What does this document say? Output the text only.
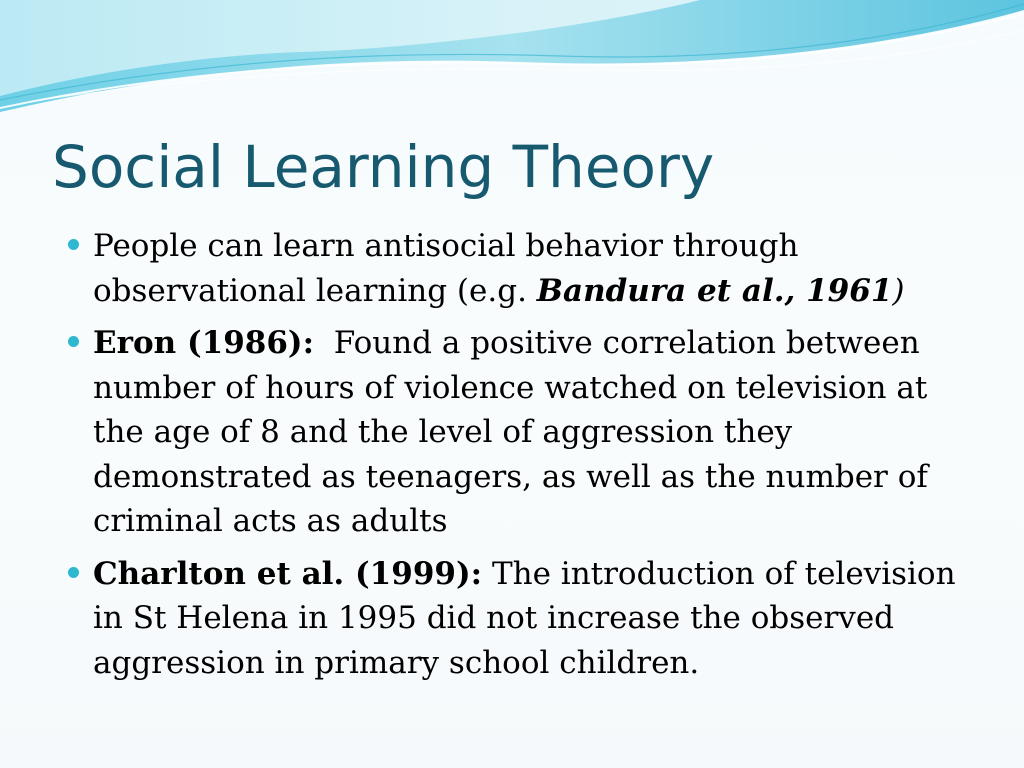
Social Learning Theory
People can learn antisocial behavior through observational learning (e.g. Bandura et al., 1961)
Eron (1986): Found a positive correlation between number of hours of violence watched on television at the age of 8 and the level of aggression they demonstrated as teenagers, as well as the number of criminal acts as adults
Charlton et al. (1999): The introduction of television in St Helena in 1995 did not increase the observed aggression in primary school children.
